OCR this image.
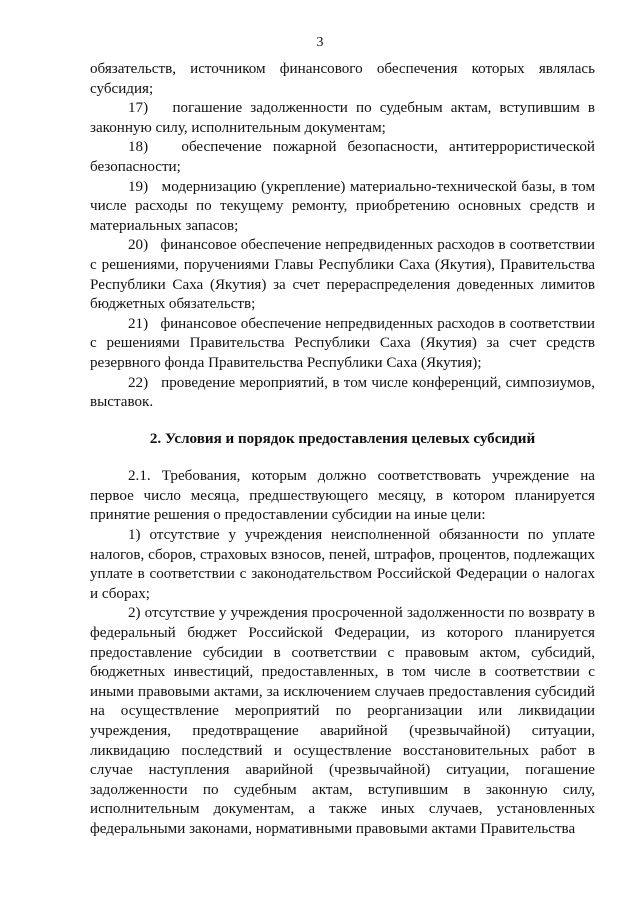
3

обязательств, источником финансового обеспечения которых являлась субсидия;

17)   погашение задолженности по судебным актам, вступившим в законную силу, исполнительным документам;

18)   обеспечение пожарной безопасности, антитеррористической безопасности;

19)   модернизацию (укрепление) материально-технической базы, в том числе расходы по текущему ремонту, приобретению основных средств и материальных запасов;

20)   финансовое обеспечение непредвиденных расходов в соответствии с решениями, поручениями Главы Республики Саха (Якутия), Правительства Республики Саха (Якутия) за счет перераспределения доведенных лимитов бюджетных обязательств;

21)   финансовое обеспечение непредвиденных расходов в соответствии с решениями Правительства Республики Саха (Якутия) за счет средств резервного фонда Правительства Республики Саха (Якутия);

22)   проведение мероприятий, в том числе конференций, симпозиумов, выставок.

2. Условия и порядок предоставления целевых субсидий

2.1. Требования, которым должно соответствовать учреждение на первое число месяца, предшествующего месяцу, в котором планируется принятие решения о предоставлении субсидии на иные цели:

1) отсутствие у учреждения неисполненной обязанности по уплате налогов, сборов, страховых взносов, пеней, штрафов, процентов, подлежащих уплате в соответствии с законодательством Российской Федерации о налогах и сборах;

2) отсутствие у учреждения просроченной задолженности по возврату в федеральный бюджет Российской Федерации, из которого планируется предоставление субсидии в соответствии с правовым актом, субсидий, бюджетных инвестиций, предоставленных, в том числе в соответствии с иными правовыми актами, за исключением случаев предоставления субсидий на осуществление мероприятий по реорганизации или ликвидации учреждения, предотвращение аварийной (чрезвычайной) ситуации, ликвидацию последствий и осуществление восстановительных работ в случае наступления аварийной (чрезвычайной) ситуации, погашение задолженности по судебным актам, вступившим в законную силу, исполнительным документам, а также иных случаев, установленных федеральными законами, нормативными правовыми актами Правительства
